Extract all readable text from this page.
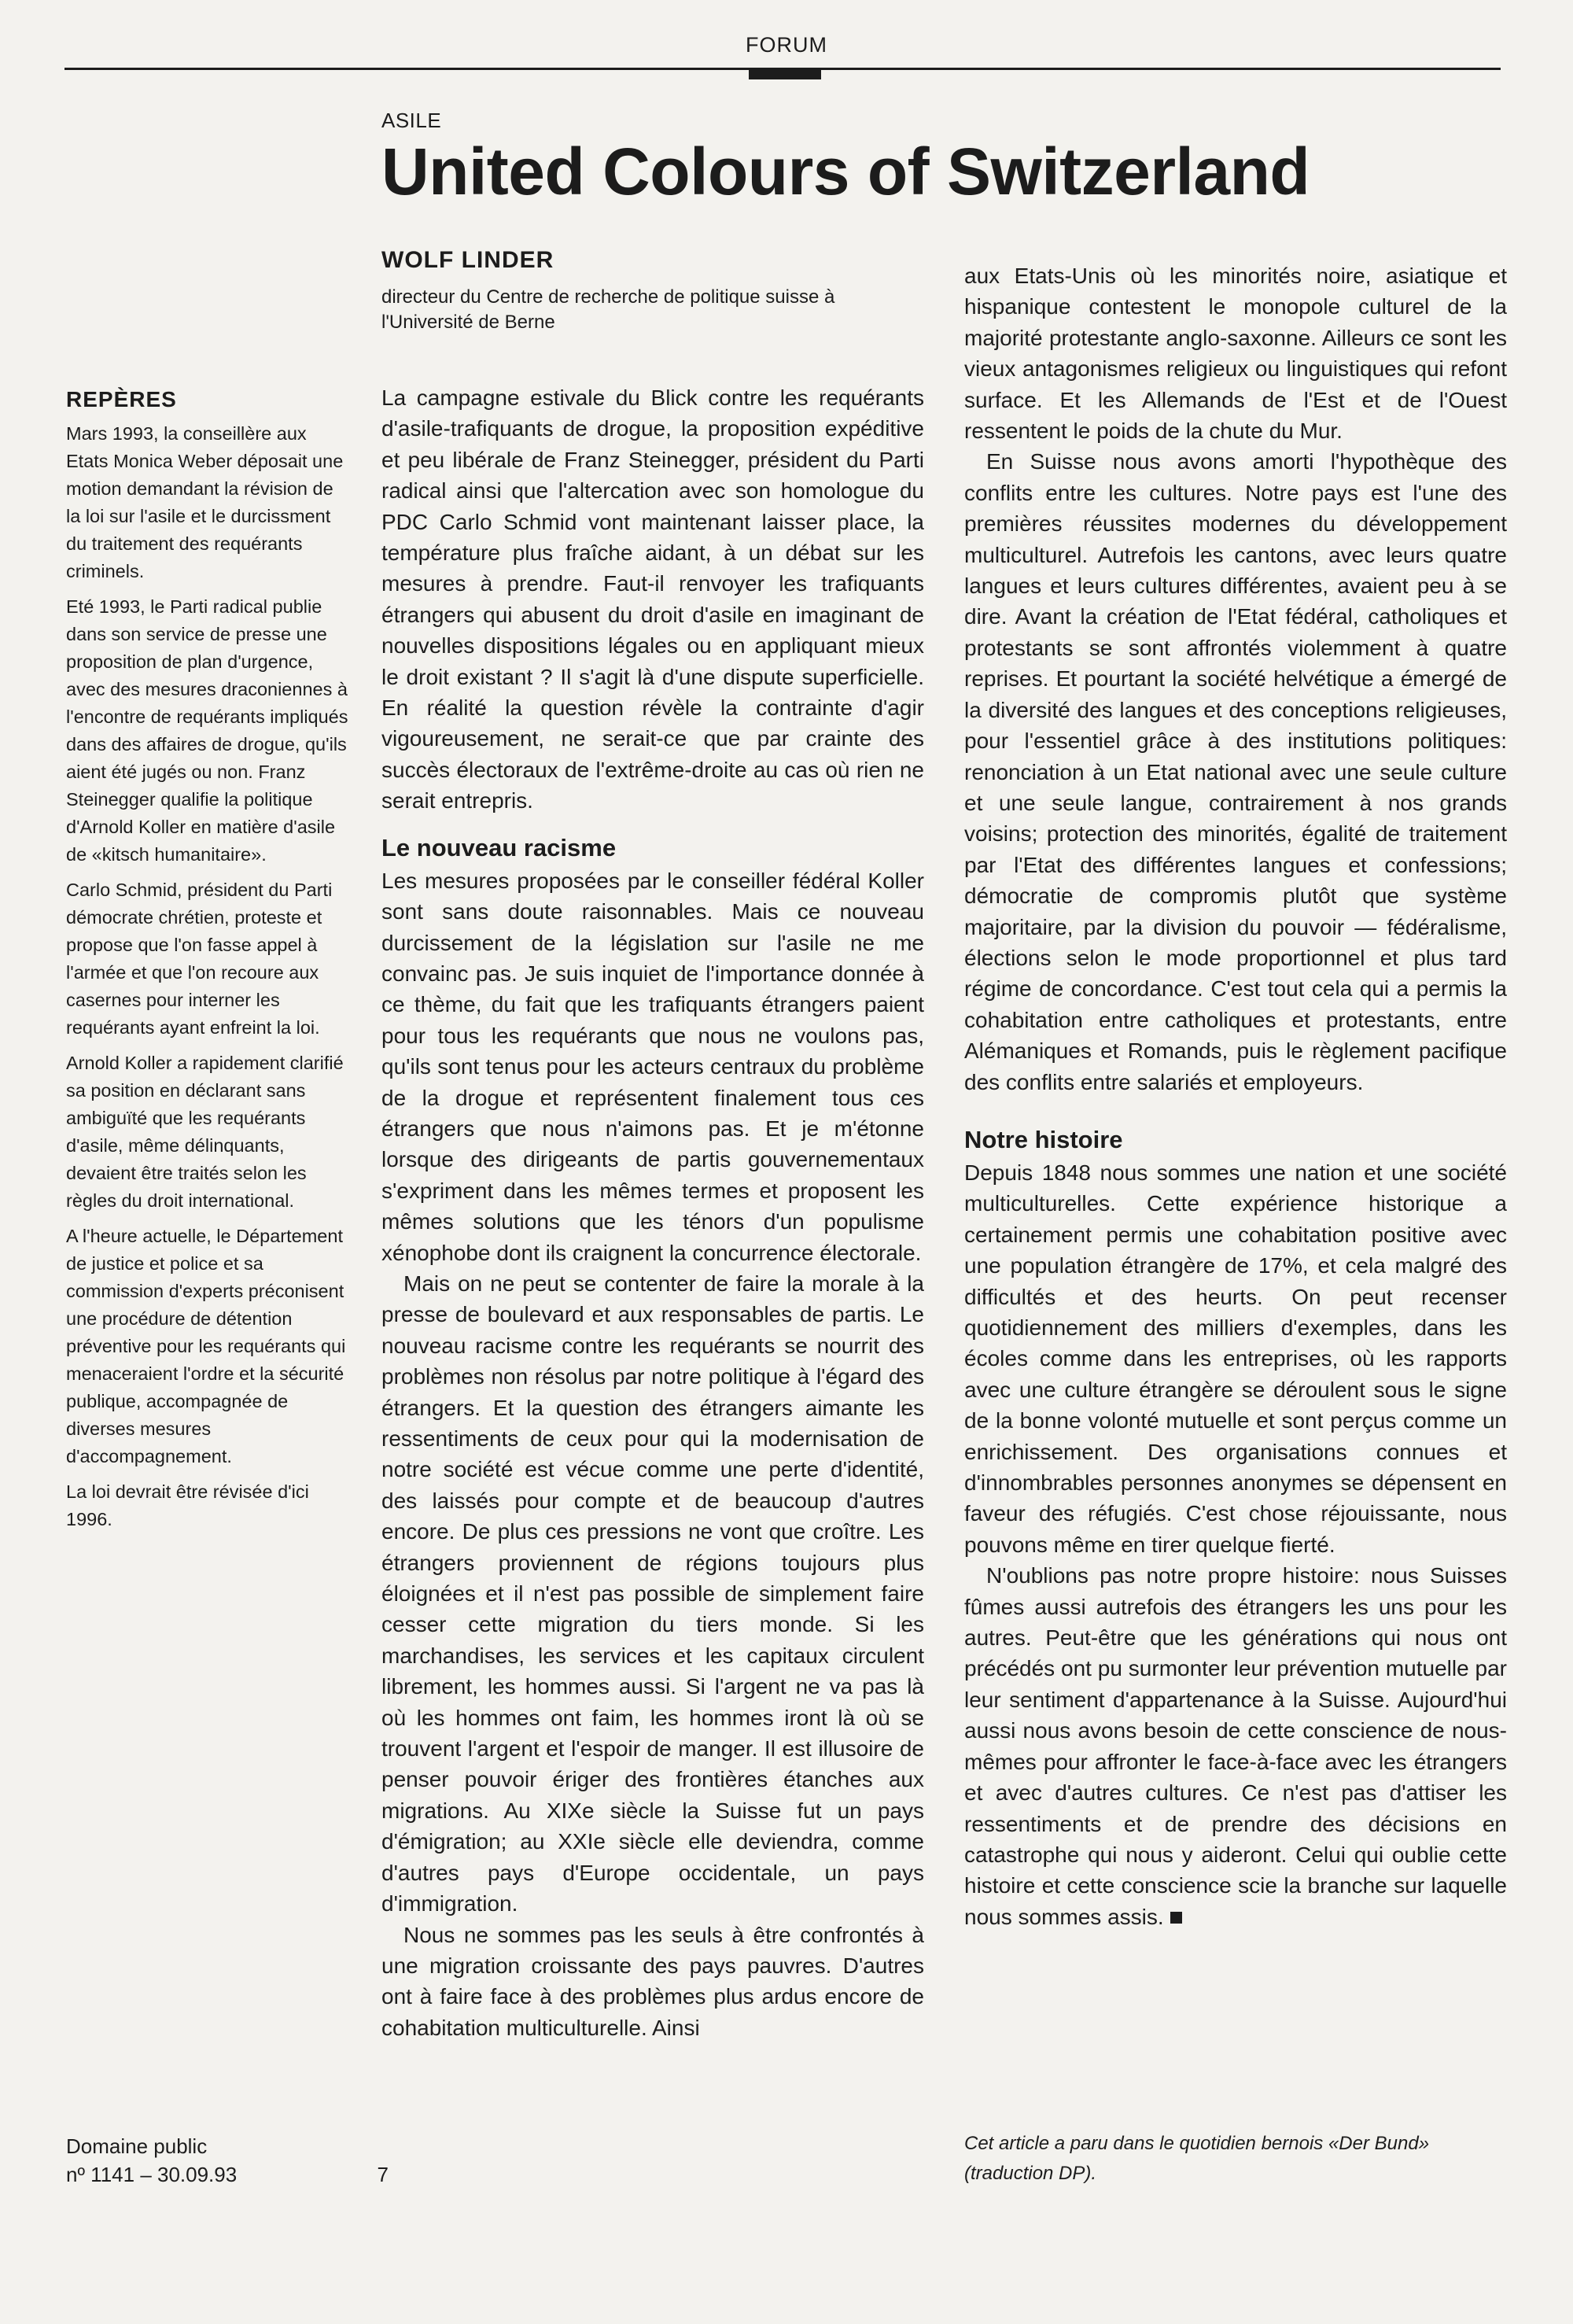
FORUM
ASILE
United Colours of Switzerland
WOLF LINDER
directeur du Centre de recherche de politique suisse à l'Université de Berne
REPÈRES

Mars 1993, la conseillère aux Etats Monica Weber déposait une motion demandant la révision de la loi sur l'asile et le durcissment du traitement des requérants criminels.

Eté 1993, le Parti radical publie dans son service de presse une proposition de plan d'urgence, avec des mesures draconiennes à l'encontre de requérants impliqués dans des affaires de drogue, qu'ils aient été jugés ou non. Franz Steinegger qualifie la politique d'Arnold Koller en matière d'asile de «kitsch humanitaire».

Carlo Schmid, président du Parti démocrate chrétien, proteste et propose que l'on fasse appel à l'armée et que l'on recoure aux casernes pour interner les requérants ayant enfreint la loi.

Arnold Koller a rapidement clarifié sa position en déclarant sans ambiguïté que les requérants d'asile, même délinquants, devaient être traités selon les règles du droit international.

A l'heure actuelle, le Département de justice et police et sa commission d'experts préconisent une procédure de détention préventive pour les requérants qui menaceraient l'ordre et la sécurité publique, accompagnée de diverses mesures d'accompagnement.

La loi devrait être révisée d'ici 1996.

La campagne estivale du Blick contre les requérants d'asile-trafiquants de drogue, la proposition expéditive et peu libérale de Franz Steinegger, président du Parti radical ainsi que l'altercation avec son homologue du PDC Carlo Schmid vont maintenant laisser place, la température plus fraîche aidant, à un débat sur les mesures à prendre. Faut-il renvoyer les trafiquants étrangers qui abusent du droit d'asile en imaginant de nouvelles dispositions légales ou en appliquant mieux le droit existant ? Il s'agit là d'une dispute superficielle. En réalité la question révèle la contrainte d'agir vigoureusement, ne serait-ce que par crainte des succès électoraux de l'extrême-droite au cas où rien ne serait entrepris.

Le nouveau racisme

Les mesures proposées par le conseiller fédéral Koller sont sans doute raisonnables. Mais ce nouveau durcissement de la législation sur l'asile ne me convainc pas. Je suis inquiet de l'importance donnée à ce thème, du fait que les trafiquants étrangers paient pour tous les requérants que nous ne voulons pas, qu'ils sont tenus pour les acteurs centraux du problème de la drogue et représentent finalement tous ces étrangers que nous n'aimons pas. Et je m'étonne lorsque des dirigeants de partis gouvernementaux s'expriment dans les mêmes termes et proposent les mêmes solutions que les ténors d'un populisme xénophobe dont ils craignent la concurrence électorale.

Mais on ne peut se contenter de faire la morale à la presse de boulevard et aux responsables de partis. Le nouveau racisme contre les requérants se nourrit des problèmes non résolus par notre politique à l'égard des étrangers. Et la question des étrangers aimante les ressentiments de ceux pour qui la modernisation de notre société est vécue comme une perte d'identité, des laissés pour compte et de beaucoup d'autres encore. De plus ces pressions ne vont que croître. Les étrangers proviennent de régions toujours plus éloignées et il n'est pas possible de simplement faire cesser cette migration du tiers monde. Si les marchandises, les services et les capitaux circulent librement, les hommes aussi. Si l'argent ne va pas là où les hommes ont faim, les hommes iront là où se trouvent l'argent et l'espoir de manger. Il est illusoire de penser pouvoir ériger des frontières étanches aux migrations. Au XIXe siècle la Suisse fut un pays d'émigration; au XXIe siècle elle deviendra, comme d'autres pays d'Europe occidentale, un pays d'immigration.

Nous ne sommes pas les seuls à être confrontés à une migration croissante des pays pauvres. D'autres ont à faire face à des problèmes plus ardus encore de cohabitation multiculturelle. Ainsi

aux Etats-Unis où les minorités noire, asiatique et hispanique contestent le monopole culturel de la majorité protestante anglo-saxonne. Ailleurs ce sont les vieux antagonismes religieux ou linguistiques qui refont surface. Et les Allemands de l'Est et de l'Ouest ressentent le poids de la chute du Mur.

En Suisse nous avons amorti l'hypothèque des conflits entre les cultures. Notre pays est l'une des premières réussites modernes du développement multiculturel. Autrefois les cantons, avec leurs quatre langues et leurs cultures différentes, avaient peu à se dire. Avant la création de l'Etat fédéral, catholiques et protestants se sont affrontés violemment à quatre reprises. Et pourtant la société helvétique a émergé de la diversité des langues et des conceptions religieuses, pour l'essentiel grâce à des institutions politiques: renonciation à un Etat national avec une seule culture et une seule langue, contrairement à nos grands voisins; protection des minorités, égalité de traitement par l'Etat des différentes langues et confessions; démocratie de compromis plutôt que système majoritaire, par la division du pouvoir — fédéralisme, élections selon le mode proportionnel et plus tard régime de concordance. C'est tout cela qui a permis la cohabitation entre catholiques et protestants, entre Alémaniques et Romands, puis le règlement pacifique des conflits entre salariés et employeurs.

Notre histoire

Depuis 1848 nous sommes une nation et une société multiculturelles. Cette expérience historique a certainement permis une cohabitation positive avec une population étrangère de 17%, et cela malgré des difficultés et des heurts. On peut recenser quotidiennement des milliers d'exemples, dans les écoles comme dans les entreprises, où les rapports avec une culture étrangère se déroulent sous le signe de la bonne volonté mutuelle et sont perçus comme un enrichissement. Des organisations connues et d'innombrables personnes anonymes se dépensent en faveur des réfugiés. C'est chose réjouissante, nous pouvons même en tirer quelque fierté.

N'oublions pas notre propre histoire: nous Suisses fûmes aussi autrefois des étrangers les uns pour les autres. Peut-être que les générations qui nous ont précédés ont pu surmonter leur prévention mutuelle par leur sentiment d'appartenance à la Suisse. Aujourd'hui aussi nous avons besoin de cette conscience de nous-mêmes pour affronter le face-à-face avec les étrangers et avec d'autres cultures. Ce n'est pas d'attiser les ressentiments et de prendre des décisions en catastrophe qui nous y aideront. Celui qui oublie cette histoire et cette conscience scie la branche sur laquelle nous sommes assis.

Cet article a paru dans le quotidien bernois «Der Bund» (traduction DP).
Domaine public
nº 1141 – 30.09.93	7
